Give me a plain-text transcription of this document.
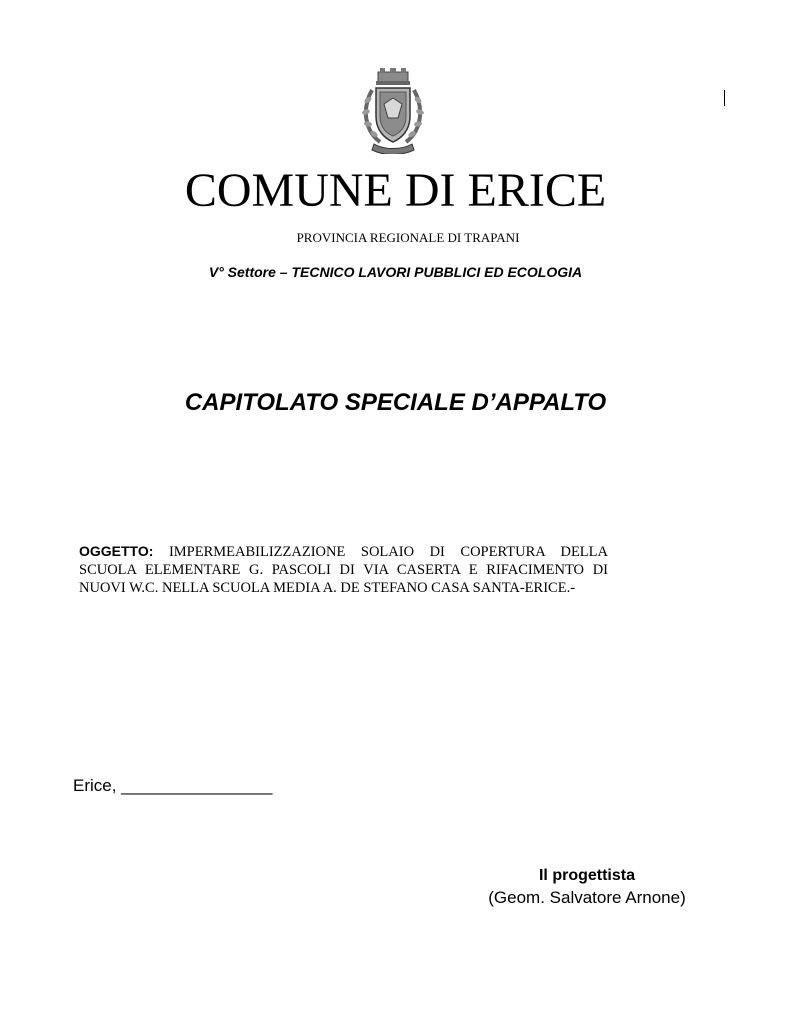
COMUNE DI ERICE
PROVINCIA REGIONALE DI TRAPANI
V° Settore – TECNICO LAVORI PUBBLICI ED ECOLOGIA
CAPITOLATO SPECIALE D’APPALTO
OGGETTO: IMPERMEABILIZZAZIONE SOLAIO DI COPERTURA DELLA SCUOLA ELEMENTARE G. PASCOLI DI VIA CASERTA E RIFACIMENTO DI NUOVI W.C. NELLA SCUOLA MEDIA A. DE STEFANO CASA SANTA-ERICE.-
Erice, ________________
Il progettista
(Geom. Salvatore Arnone)
